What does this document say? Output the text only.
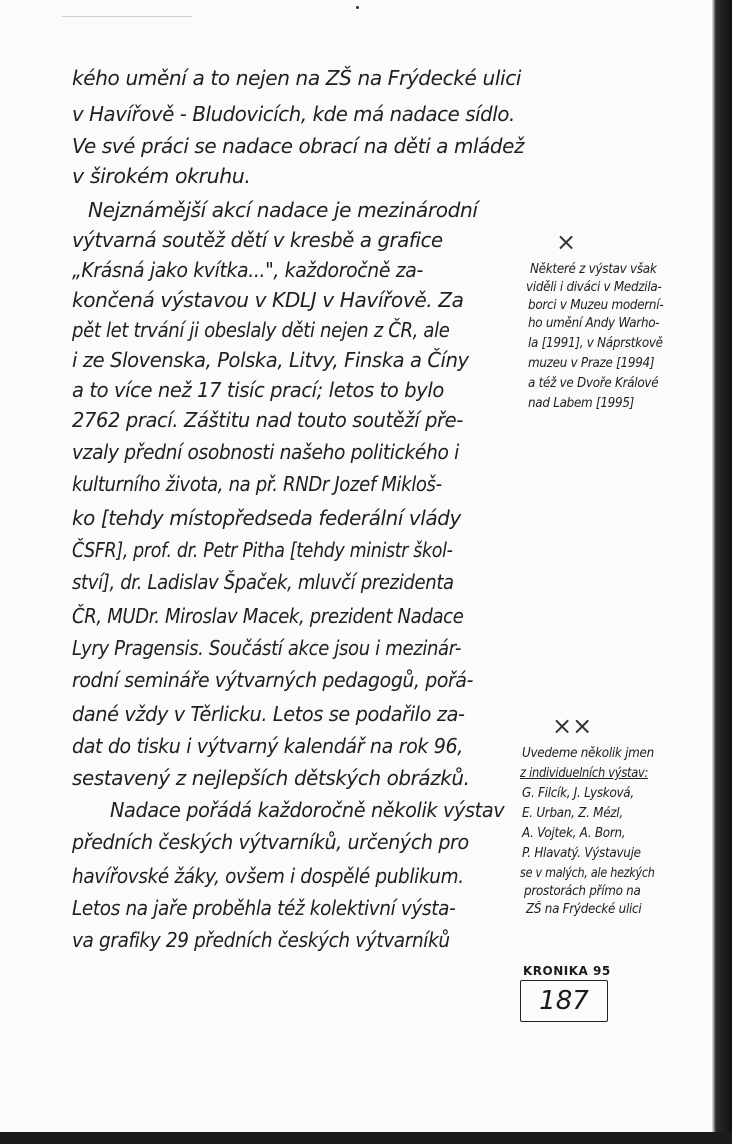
kého umění a to nejen na ZŠ na Frýdecké ulici
v Havířově - Bludovicích, kde má nadace sídlo.
Ve své práci se nadace obrací na děti a mládež
v širokém okruhu.
Nejznámější akcí nadace je mezinárodní
výtvarná soutěž dětí v kresbě a grafice
„Krásná jako kvítka...", každoročně za-
končená výstavou v KDLJ v Havířově. Za
pět let trvání ji obeslaly děti nejen z ČR, ale
i ze Slovenska, Polska, Litvy, Finska a Číny
a to více než 17 tisíc prací; letos to bylo
2762 prací. Záštitu nad touto soutěží pře-
vzaly přední osobnosti našeho politického i
kulturního života, na př. RNDr Jozef Mikloš-
ko [tehdy místopředseda federální vlády
ČSFR], prof. dr. Petr Pitha [tehdy ministr škol-
ství], dr. Ladislav Špaček, mluvčí prezidenta
ČR, MUDr. Miroslav Macek, prezident Nadace
Lyry Pragensis. Součástí akce jsou i mezinár-
rodní semináře výtvarných pedagogů, pořá-
dané vždy v Těrlicku. Letos se podařilo za-
dat do tisku i výtvarný kalendář na rok 96,
sestavený z nejlepších dětských obrázků.
Nadace pořádá každoročně několik výstav
předních českých výtvarníků, určených pro
havířovské žáky, ovšem i dospělé publikum.
Letos na jaře proběhla též kolektivní výsta-
va grafiky 29 předních českých výtvarníků
×
Některé z výstav však
viděli i diváci v Medzila-
borci v Muzeu moderní-
ho umění Andy Warho-
la [1991], v Náprstkově
muzeu v Praze [1994]
a též ve Dvoře Králové
nad Labem [1995]
××
Uvedeme několik jmen
z individuelních výstav:
G. Filcík, J. Lysková,
E. Urban, Z. Mézl,
A. Vojtek, A. Born,
P. Hlavatý. Výstavuje
se v malých, ale hezkých
prostorách přímo na
ZŠ na Frýdecké ulici
KRONIKA 95
187
